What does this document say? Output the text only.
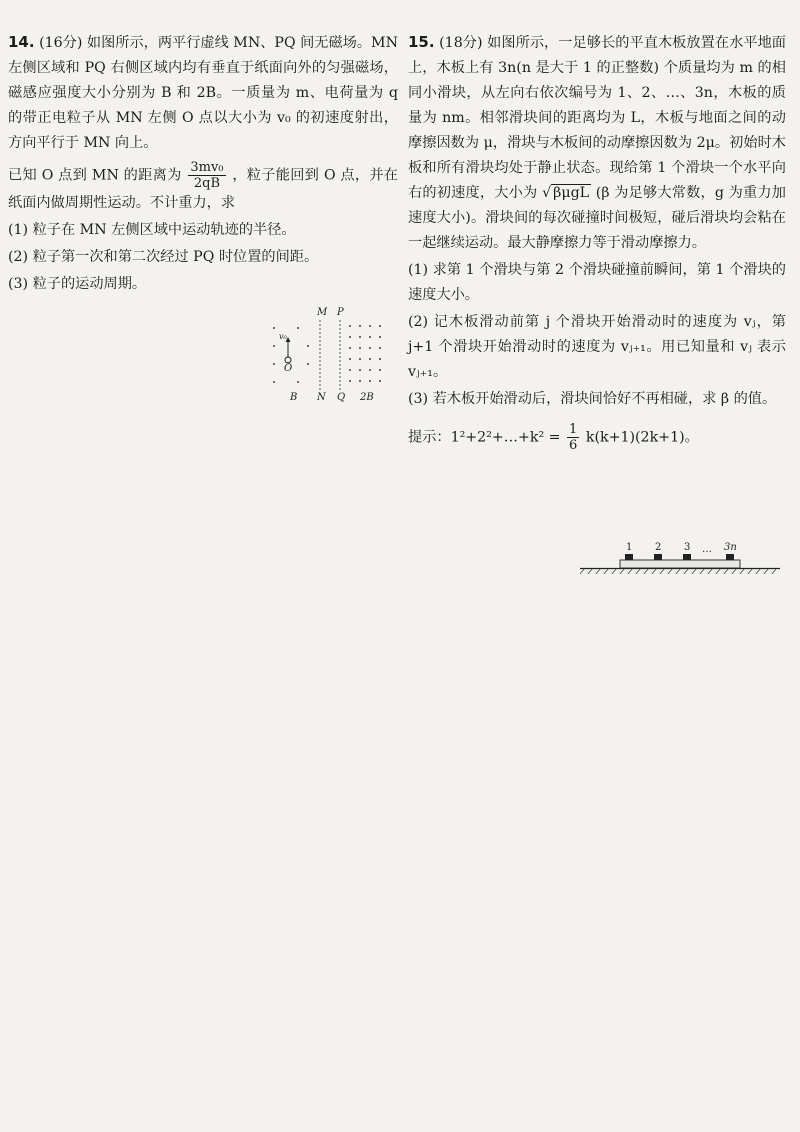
14. (16分) 如图所示，两平行虚线 MN、PQ 间无磁场。MN 左侧区域和 PQ 右侧区域内均有垂直于纸面向外的匀强磁场，磁感应强度大小分别为 B 和 2B。一质量为 m、电荷量为 q 的带正电粒子从 MN 左侧 O 点以大小为 v₀ 的初速度射出，方向平行于 MN 向上。

已知 O 点到 MN 的距离为 $\frac{\text{3mv₀}}{2qB}$ ，粒子能回到 O 点，并在纸面内做周期性运动。不计重力，求

(1) 粒子在 MN 左侧区域中运动轨迹的半径。

(2) 粒子第一次和第二次经过 PQ 时位置的间距。

(3) 粒子的运动周期。

M P
v₀
O
B N Q 2B

15. (18分) 如图所示，一足够长的平直木板放置在水平地面上，木板上有 3n(n 是大于 1 的正整数) 个质量均为 m 的相同小滑块，从左向右依次编号为 1、2、…、3n，木板的质量为 nm。相邻滑块间的距离均为 L，木板与地面之间的动摩擦因数为 μ，滑块与木板间的动摩擦因数为 2μ。初始时木板和所有滑块均处于静止状态。现给第 1 个滑块一个水平向右的初速度，大小为 √ βμgL (β 为足够大常数，g 为重力加速度大小)。滑块间的每次碰撞时间极短，碰后滑块均会粘在一起继续运动。最大静摩擦力等于滑动摩擦力。

(1) 求第 1 个滑块与第 2 个滑块碰撞前瞬间，第 1 个滑块的速度大小。

(2) 记木板滑动前第 j 个滑块开始滑动时的速度为 vⱼ，第 j+1 个滑块开始滑动时的速度为 vⱼ₊₁。用已知量和 vⱼ 表示 vⱼ₊₁。

(3) 若木板开始滑动后，滑块间恰好不再相碰，求 β 的值。

提示：1²+2²+…+k² = $\frac{1}{6} k(k+1)(2k+1)$。

1 2 3 … 3n
